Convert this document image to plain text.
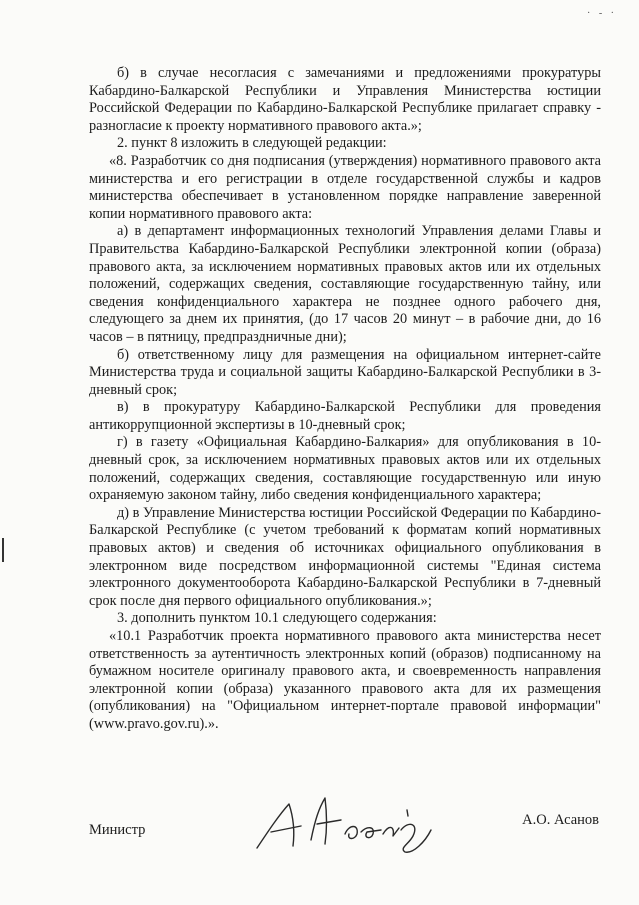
· - ·

б) в случае несогласия с замечаниями и предложениями прокуратуры Кабардино-Балкарской Республики и Управления Министерства юстиции Российской Федерации по Кабардино-Балкарской Республике прилагает справку - разногласие к проекту нормативного правового акта.»;

2. пункт 8 изложить в следующей редакции:

«8. Разработчик со дня подписания (утверждения) нормативного правового акта министерства и его регистрации в отделе государственной службы и кадров министерства обеспечивает в установленном порядке направление заверенной копии нормативного правового акта:

а) в департамент информационных технологий Управления делами Главы и Правительства Кабардино-Балкарской Республики электронной копии (образа) правового акта, за исключением нормативных правовых актов или их отдельных положений, содержащих сведения, составляющие государственную тайну, или сведения конфиденциального характера не позднее одного рабочего дня, следующего за днем их принятия, (до 17 часов 20 минут – в рабочие дни, до 16 часов – в пятницу, предпраздничные дни);

б) ответственному лицу для размещения на официальном интернет-сайте Министерства труда и социальной защиты Кабардино-Балкарской Республики в 3-дневный срок;

в) в прокуратуру Кабардино-Балкарской Республики для проведения антикоррупционной экспертизы в 10-дневный срок;

г) в газету «Официальная Кабардино-Балкария» для опубликования в 10-дневный срок, за исключением нормативных правовых актов или их отдельных положений, содержащих сведения, составляющие государственную или иную охраняемую законом тайну, либо сведения конфиденциального характера;

д) в Управление Министерства юстиции Российской Федерации по Кабардино-Балкарской Республике (с учетом требований к форматам копий нормативных правовых актов) и сведения об источниках официального опубликования в электронном виде посредством информационной системы "Единая система электронного документооборота Кабардино-Балкарской Республики в 7-дневный срок после дня первого официального опубликования.»;

3. дополнить пунктом 10.1 следующего содержания:

«10.1 Разработчик проекта нормативного правового акта министерства несет ответственность за аутентичность электронных копий (образов) подписанному на бумажном носителе оригиналу правового акта, и своевременность направления электронной копии (образа) указанного правового акта для их размещения (опубликования) на "Официальном интернет-портале правовой информации" (www.pravo.gov.ru).».

Министр
А.О. Асанов
